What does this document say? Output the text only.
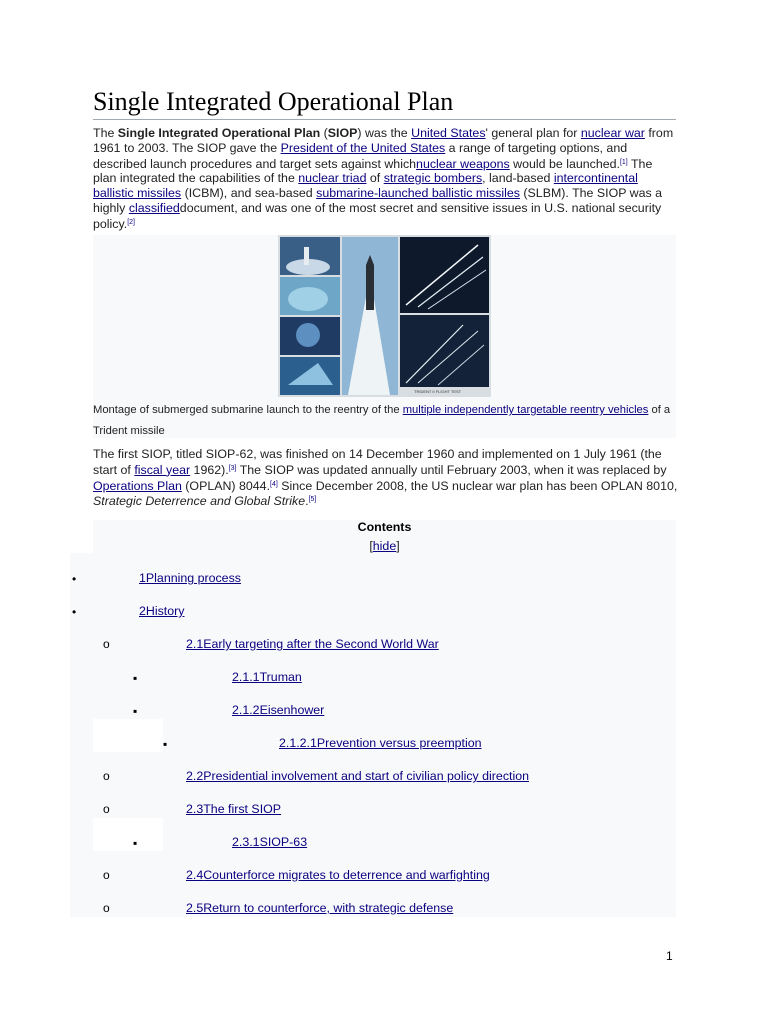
Single Integrated Operational Plan

The Single Integrated Operational Plan (SIOP) was the United States' general plan for nuclear war from 1961 to 2003. The SIOP gave the President of the United States a range of targeting options, and described launch procedures and target sets against whichnuclear weapons would be launched.[1] The plan integrated the capabilities of the nuclear triad of strategic bombers, land-based intercontinental ballistic missiles (ICBM), and sea-based submarine-launched ballistic missiles (SLBM). The SIOP was a highly classifieddocument, and was one of the most secret and sensitive issues in U.S. national security policy.[2]

TRIDENT II FLIGHT TEST
Montage of submerged submarine launch to the reentry of the multiple independently targetable reentry vehicles of a Trident missile

The first SIOP, titled SIOP-62, was finished on 14 December 1960 and implemented on 1 July 1961 (the start of fiscal year 1962).[3] The SIOP was updated annually until February 2003, when it was replaced by Operations Plan (OPLAN) 8044.[4] Since December 2008, the US nuclear war plan has been OPLAN 8010, Strategic Deterrence and Global Strike.[5]

Contents
[hide]
•	1Planning process
•	2History
o	2.1Early targeting after the Second World War
▪	2.1.1Truman
▪	2.1.2Eisenhower
▪	2.1.2.1Prevention versus preemption
o	2.2Presidential involvement and start of civilian policy direction
o	2.3The first SIOP
▪	2.3.1SIOP-63
o	2.4Counterforce migrates to deterrence and warfighting
o	2.5Return to counterforce, with strategic defense
1
